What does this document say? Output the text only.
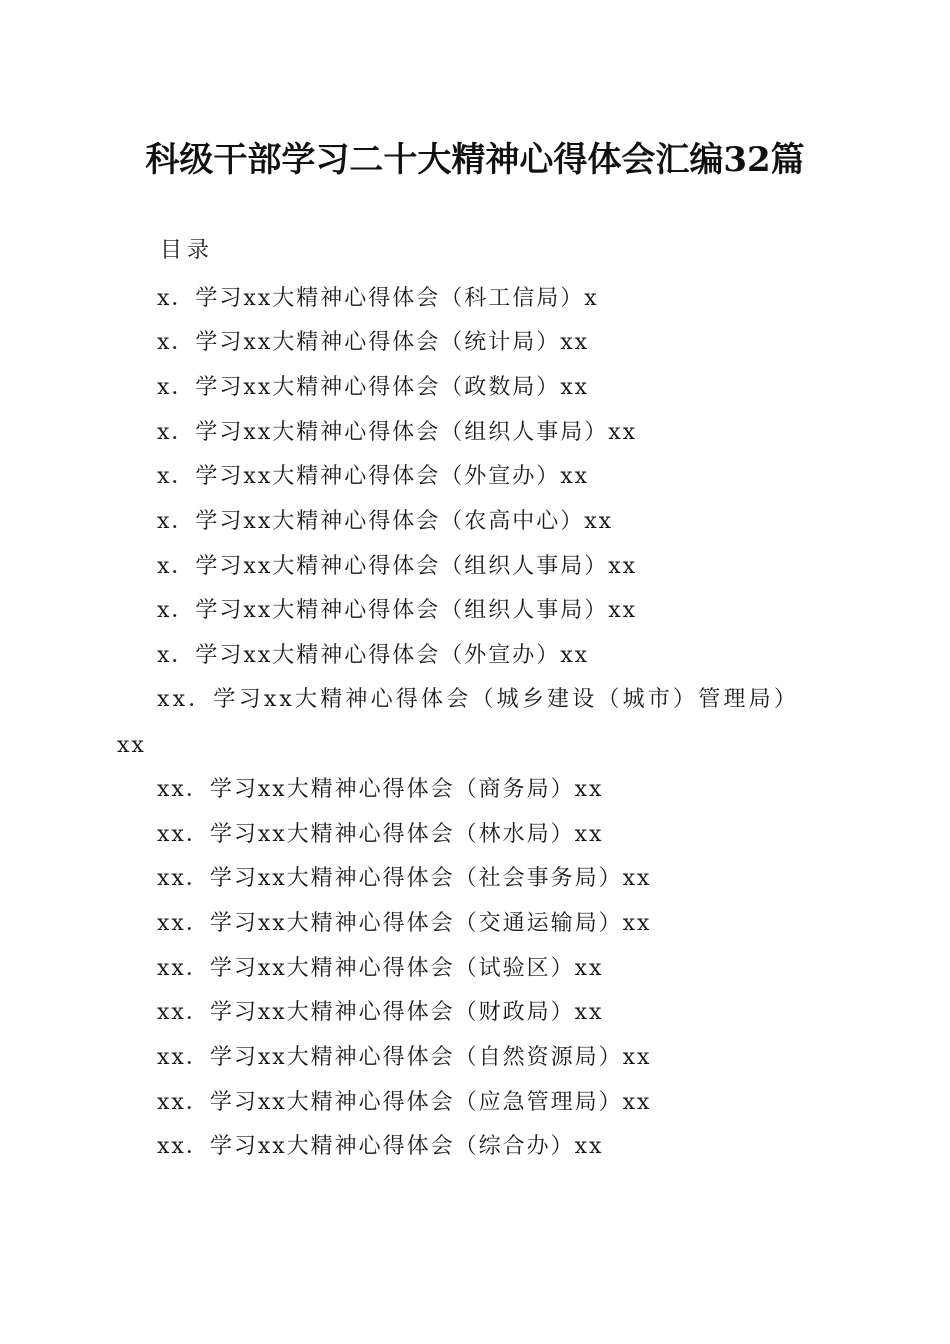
科级干部学习二十大精神心得体会汇编32篇
目录
x．学习xx大精神心得体会（科工信局）x
x．学习xx大精神心得体会（统计局）xx
x．学习xx大精神心得体会（政数局）xx
x．学习xx大精神心得体会（组织人事局）xx
x．学习xx大精神心得体会（外宣办）xx
x．学习xx大精神心得体会（农高中心）xx
x．学习xx大精神心得体会（组织人事局）xx
x．学习xx大精神心得体会（组织人事局）xx
x．学习xx大精神心得体会（外宣办）xx
xx．学习xx大精神心得体会（城乡建设（城市）管理局）
xx
xx．学习xx大精神心得体会（商务局）xx
xx．学习xx大精神心得体会（林水局）xx
xx．学习xx大精神心得体会（社会事务局）xx
xx．学习xx大精神心得体会（交通运输局）xx
xx．学习xx大精神心得体会（试验区）xx
xx．学习xx大精神心得体会（财政局）xx
xx．学习xx大精神心得体会（自然资源局）xx
xx．学习xx大精神心得体会（应急管理局）xx
xx．学习xx大精神心得体会（综合办）xx
